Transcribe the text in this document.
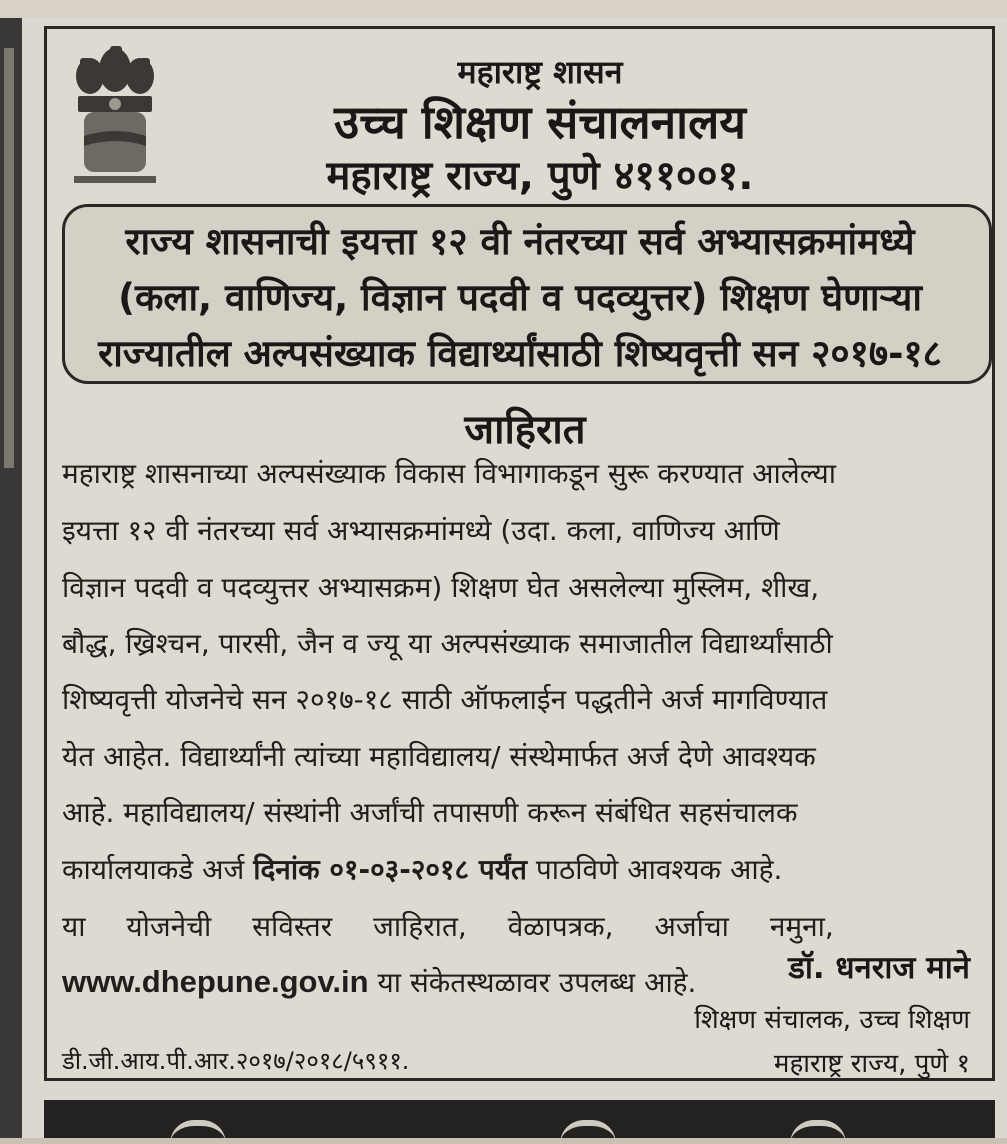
महाराष्ट्र शासन
उच्च शिक्षण संचालनालय
महाराष्ट्र राज्य, पुणे ४११००१.
राज्य शासनाची इयत्ता १२ वी नंतरच्या सर्व अभ्यासक्रमांमध्ये
(कला, वाणिज्य, विज्ञान पदवी व पदव्युत्तर) शिक्षण घेणाऱ्या
राज्यातील अल्पसंख्याक विद्यार्थ्यांसाठी शिष्यवृत्ती सन २०१७-१८
जाहिरात
महाराष्ट्र शासनाच्या अल्पसंख्याक विकास विभागाकडून सुरू करण्यात आलेल्या
इयत्ता १२ वी नंतरच्या सर्व अभ्यासक्रमांमध्ये (उदा. कला, वाणिज्य आणि
विज्ञान पदवी व पदव्युत्तर अभ्यासक्रम) शिक्षण घेत असलेल्या मुस्लिम, शीख,
बौद्ध, ख्रिश्चन, पारसी, जैन व ज्यू या अल्पसंख्याक समाजातील विद्यार्थ्यांसाठी
शिष्यवृत्ती योजनेचे सन २०१७-१८ साठी ऑफलाईन पद्धतीने अर्ज मागविण्यात
येत आहेत. विद्यार्थ्यांनी त्यांच्या महाविद्यालय/ संस्थेमार्फत अर्ज देणे आवश्यक
आहे. महाविद्यालय/ संस्थांनी अर्जांची तपासणी करून संबंधित सहसंचालक
कार्यालयाकडे अर्ज दिनांक ०१-०३-२०१८ पर्यंत पाठविणे आवश्यक आहे.
या योजनेची सविस्तर जाहिरात, वेळापत्रक, अर्जाचा नमुना,
www.dhepune.gov.in या संकेतस्थळावर उपलब्ध आहे.	डॉ. धनराज माने
शिक्षण संचालक, उच्च शिक्षण
महाराष्ट्र राज्य, पुणे १
डी.जी.आय.पी.आर.२०१७/२०१८/५९११.
